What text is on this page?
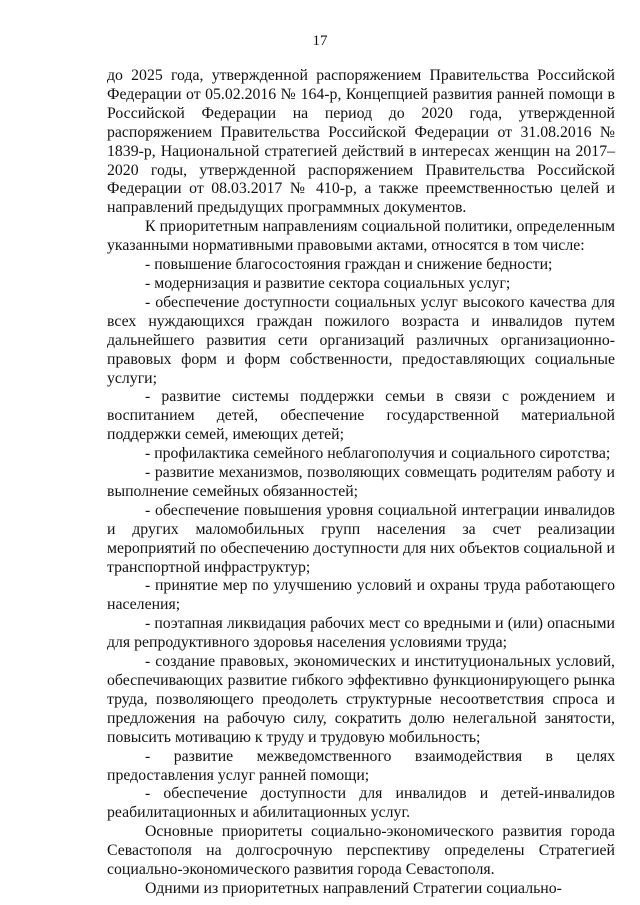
17

до 2025 года, утвержденной распоряжением Правительства Российской Федерации от 05.02.2016 № 164-р, Концепцией развития ранней помощи в Российской Федерации на период до 2020 года, утвержденной распоряжением Правительства Российской Федерации от 31.08.2016 № 1839-р, Национальной стратегией действий в интересах женщин на 2017–2020 годы, утвержденной распоряжением Правительства Российской Федерации от 08.03.2017 № 410-р, а также преемственностью целей и направлений предыдущих программных документов.

К приоритетным направлениям социальной политики, определенным указанными нормативными правовыми актами, относятся в том числе:

- повышение благосостояния граждан и снижение бедности;

- модернизация и развитие сектора социальных услуг;

- обеспечение доступности социальных услуг высокого качества для всех нуждающихся граждан пожилого возраста и инвалидов путем дальнейшего развития сети организаций различных организационно-правовых форм и форм собственности, предоставляющих социальные услуги;

- развитие системы поддержки семьи в связи с рождением и воспитанием детей, обеспечение государственной материальной поддержки семей, имеющих детей;

- профилактика семейного неблагополучия и социального сиротства;

- развитие механизмов, позволяющих совмещать родителям работу и выполнение семейных обязанностей;

- обеспечение повышения уровня социальной интеграции инвалидов и других маломобильных групп населения за счет реализации мероприятий по обеспечению доступности для них объектов социальной и транспортной инфраструктур;

- принятие мер по улучшению условий и охраны труда работающего населения;

- поэтапная ликвидация рабочих мест со вредными и (или) опасными для репродуктивного здоровья населения условиями труда;

- создание правовых, экономических и институциональных условий, обеспечивающих развитие гибкого эффективно функционирующего рынка труда, позволяющего преодолеть структурные несоответствия спроса и предложения на рабочую силу, сократить долю нелегальной занятости, повысить мотивацию к труду и трудовую мобильность;

- развитие межведомственного взаимодействия в целях предоставления услуг ранней помощи;

- обеспечение доступности для инвалидов и детей-инвалидов реабилитационных и абилитационных услуг.

Основные приоритеты социально-экономического развития города Севастополя на долгосрочную перспективу определены Стратегией социально-экономического развития города Севастополя.

Одними из приоритетных направлений Стратегии социально-
